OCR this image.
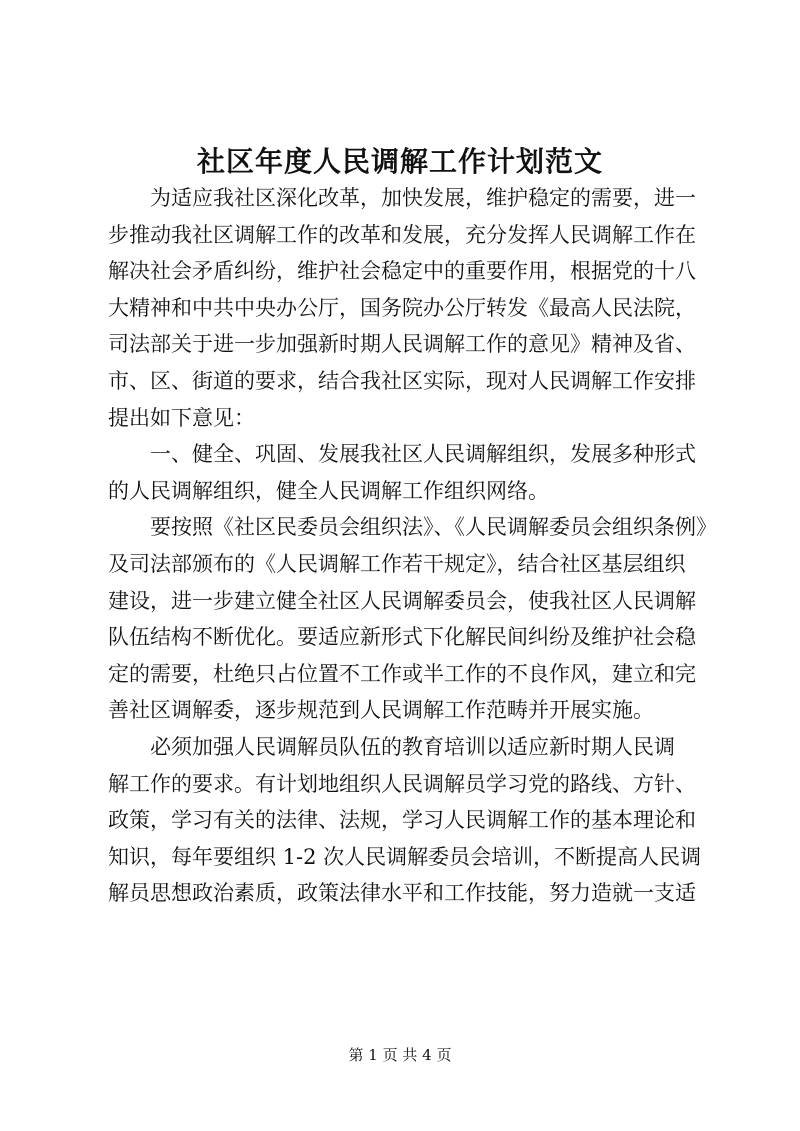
社区年度人民调解工作计划范文
为适应我社区深化改革，加快发展，维护稳定的需要，进一
步推动我社区调解工作的改革和发展，充分发挥人民调解工作在
解决社会矛盾纠纷，维护社会稳定中的重要作用，根据党的十八
大精神和中共中央办公厅，国务院办公厅转发《最高人民法院，
司法部关于进一步加强新时期人民调解工作的意见》精神及省、
市、区、街道的要求，结合我社区实际，现对人民调解工作安排
提出如下意见：
一、健全、巩固、发展我社区人民调解组织，发展多种形式
的人民调解组织，健全人民调解工作组织网络。
要按照《社区民委员会组织法》、《人民调解委员会组织条例》
及司法部颁布的《人民调解工作若干规定》，结合社区基层组织
建设，进一步建立健全社区人民调解委员会，使我社区人民调解
队伍结构不断优化。要适应新形式下化解民间纠纷及维护社会稳
定的需要，杜绝只占位置不工作或半工作的不良作风，建立和完
善社区调解委，逐步规范到人民调解工作范畴并开展实施。
必须加强人民调解员队伍的教育培训以适应新时期人民调
解工作的要求。有计划地组织人民调解员学习党的路线、方针、
政策，学习有关的法律、法规，学习人民调解工作的基本理论和
知识，每年要组织 1-2 次人民调解委员会培训，不断提高人民调
解员思想政治素质，政策法律水平和工作技能，努力造就一支适
第 1 页 共 4 页
